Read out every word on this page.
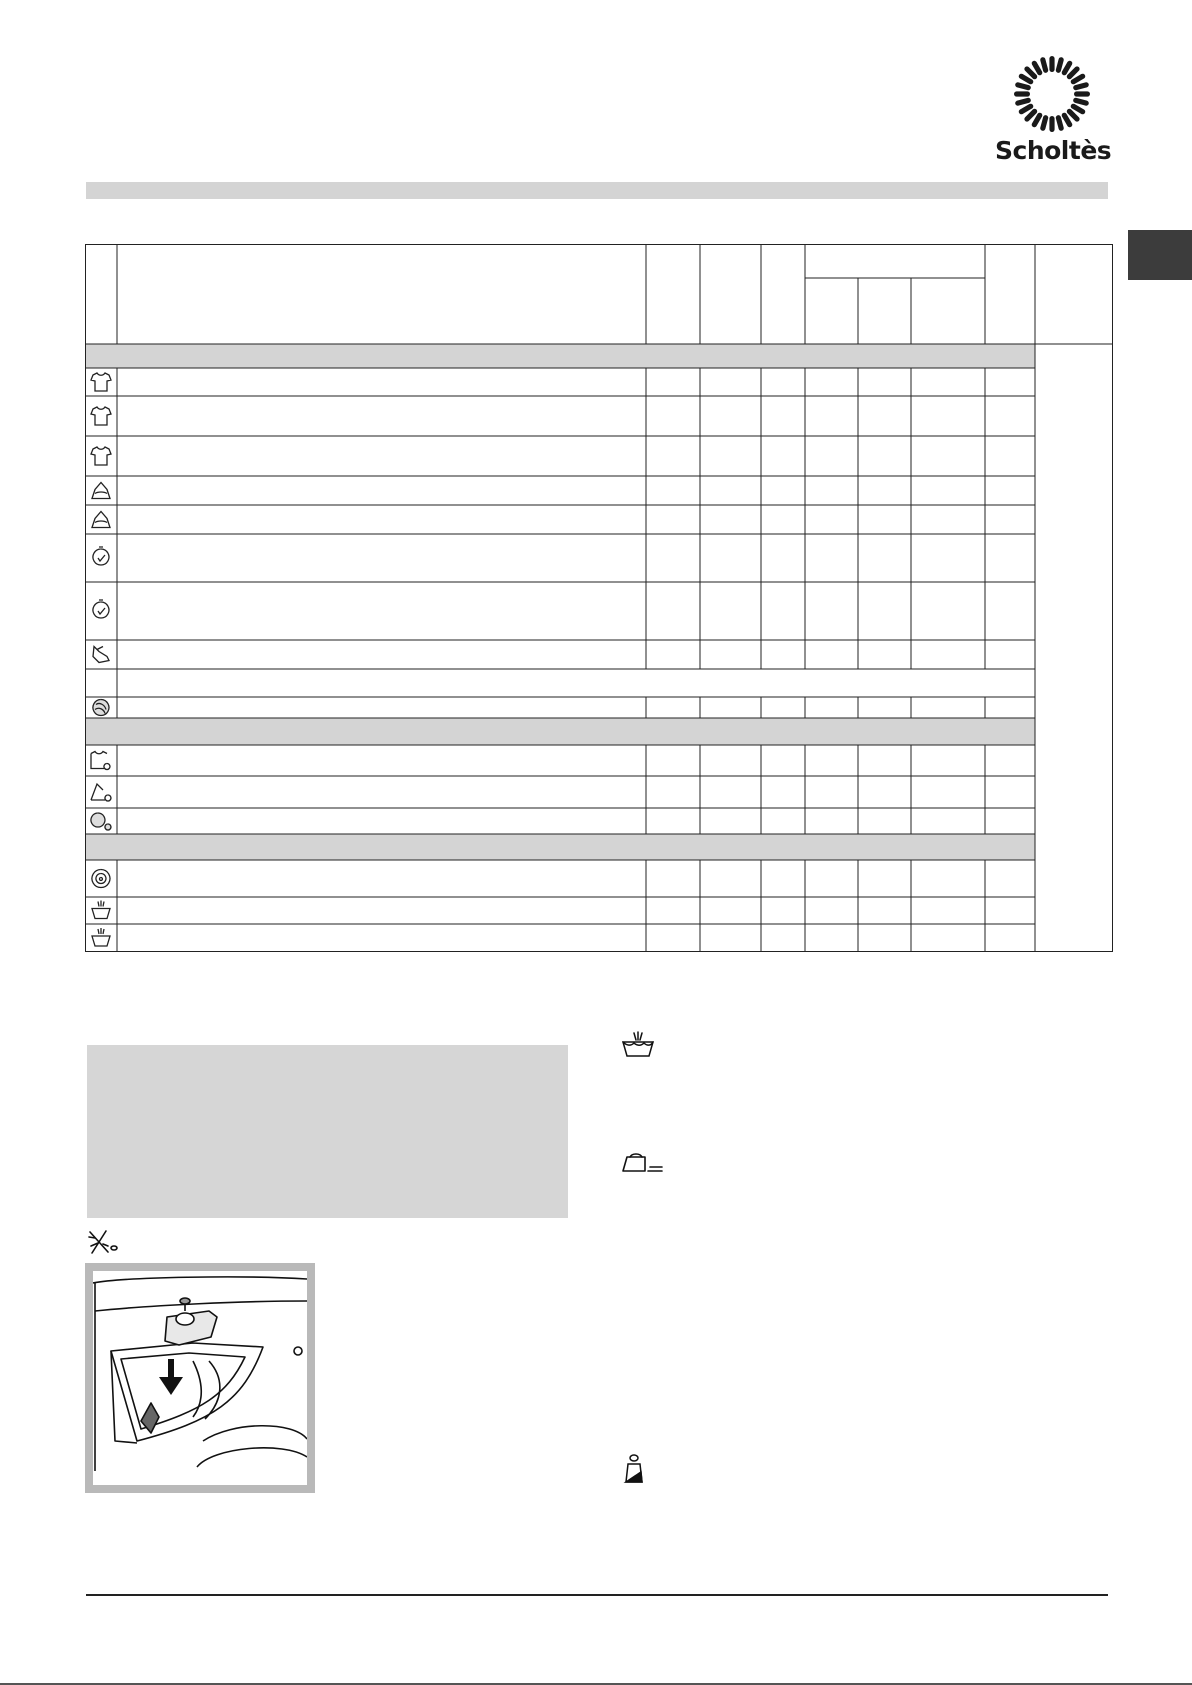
Scholtès
